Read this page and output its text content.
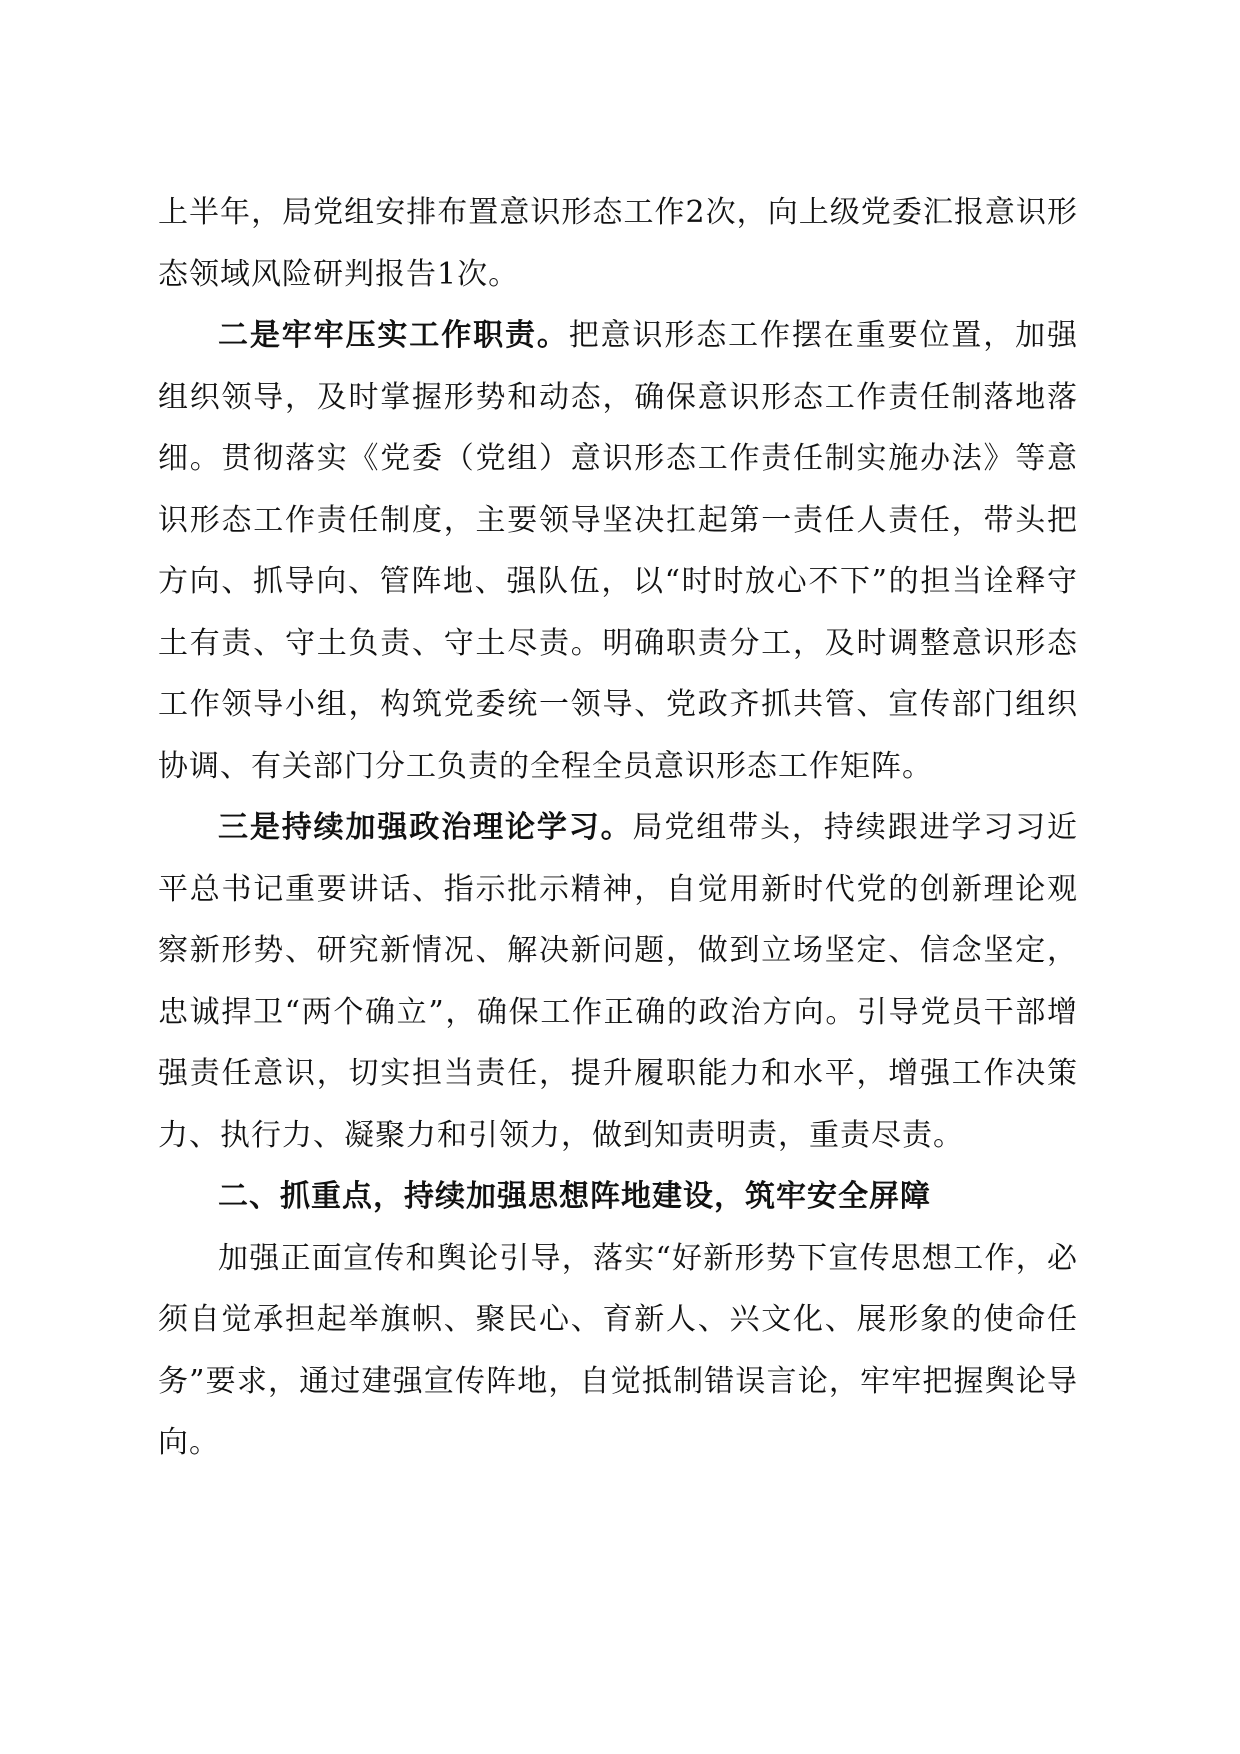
上半年，局党组安排布置意识形态工作2次，向上级党委汇报意识形态领域风险研判报告1次。

二是牢牢压实工作职责。把意识形态工作摆在重要位置，加强组织领导，及时掌握形势和动态，确保意识形态工作责任制落地落细。贯彻落实《党委（党组）意识形态工作责任制实施办法》等意识形态工作责任制度，主要领导坚决扛起第一责任人责任，带头把方向、抓导向、管阵地、强队伍，以“时时放心不下”的担当诠释守土有责、守土负责、守土尽责。明确职责分工，及时调整意识形态工作领导小组，构筑党委统一领导、党政齐抓共管、宣传部门组织协调、有关部门分工负责的全程全员意识形态工作矩阵。

三是持续加强政治理论学习。局党组带头，持续跟进学习习近平总书记重要讲话、指示批示精神，自觉用新时代党的创新理论观察新形势、研究新情况、解决新问题，做到立场坚定、信念坚定，忠诚捍卫“两个确立”，确保工作正确的政治方向。引导党员干部增强责任意识，切实担当责任，提升履职能力和水平，增强工作决策力、执行力、凝聚力和引领力，做到知责明责，重责尽责。

二、抓重点，持续加强思想阵地建设，筑牢安全屏障

加强正面宣传和舆论引导，落实“好新形势下宣传思想工作，必须自觉承担起举旗帜、聚民心、育新人、兴文化、展形象的使命任务”要求，通过建强宣传阵地，自觉抵制错误言论，牢牢把握舆论导向。
